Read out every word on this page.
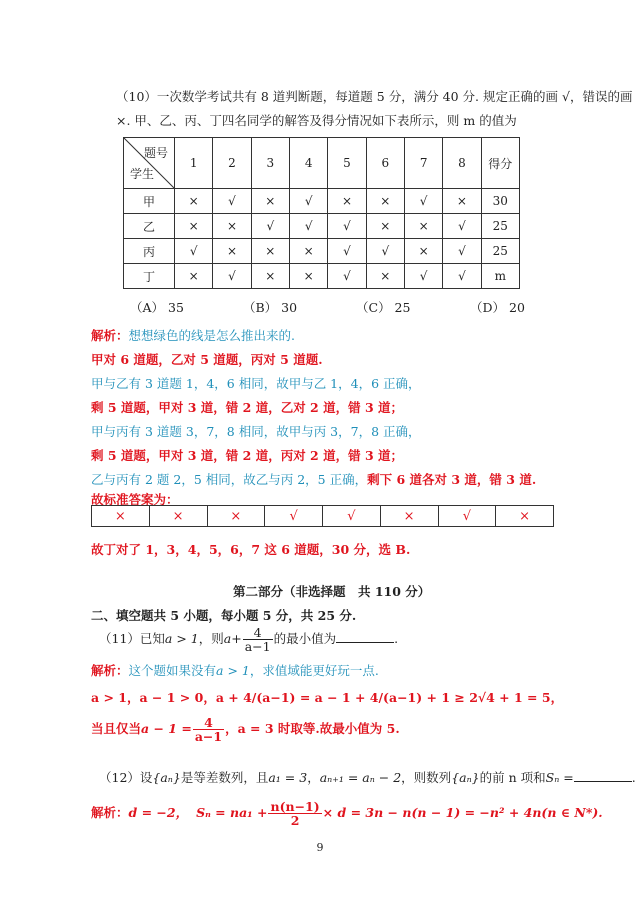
（10）一次数学考试共有 8 道判断题，每道题 5 分，满分 40 分. 规定正确的画 √，错误的画
×. 甲、乙、丙、丁四名同学的解答及得分情况如下表所示，则 m 的值为
题号
学生	1	2	3	4	5	6	7	8	得分
甲	×	√	×	√	×	×	√	×	30
乙	×	×	√	√	√	×	×	√	25
丙	√	×	×	×	√	√	×	√	25
丁	×	√	×	×	√	×	√	√	m
（A） 35	（B） 30	（C） 25	（D） 20
解析：想想绿色的线是怎么推出来的.
甲对 6 道题，乙对 5 道题，丙对 5 道题.
甲与乙有 3 道题 1，4，6 相同，故甲与乙 1，4，6 正确，
剩 5 道题，甲对 3 道，错 2 道，乙对 2 道，错 3 道；
甲与丙有 3 道题 3，7，8 相同，故甲与丙 3，7，8 正确，
剩 5 道题，甲对 3 道，错 2 道，丙对 2 道，错 3 道；
乙与丙有 2 题 2，5 相同，故乙与丙 2，5 正确，剩下 6 道各对 3 道，错 3 道.
故标准答案为：
×	×	×	√	√	×	√	×
故丁对了 1，3，4，5，6，7 这 6 道题，30 分，选 B.
第二部分（非选择题　共 110 分）
二、填空题共 5 小题，每小题 5 分，共 25 分.
（11）已知a > 1，则$a+ \frac{4}{a-1}$ 的最小值为	.
解析：这个题如果没有a > 1，求值域能更好玩一点.
a > 1，a − 1 > 0，a + 4/(a−1) = a − 1 + 4/(a−1) + 1 ≥ 2√4 + 1 = 5，
当且仅当$a - 1 = \frac{4}{a-1}$ ，a = 3 时取等.故最小值为 5.
（12）设{aₙ}是等差数列，且a₁ = 3，aₙ₊₁ = aₙ − 2，则数列{aₙ}的前 n 项和Sₙ =	.
解析：d = −2， $S_n = na_1 + \frac{n(n-1)}{2} \times d = 3n - n(n - 1) = -n^2 + 4n(n$ ∈ N*).
9
